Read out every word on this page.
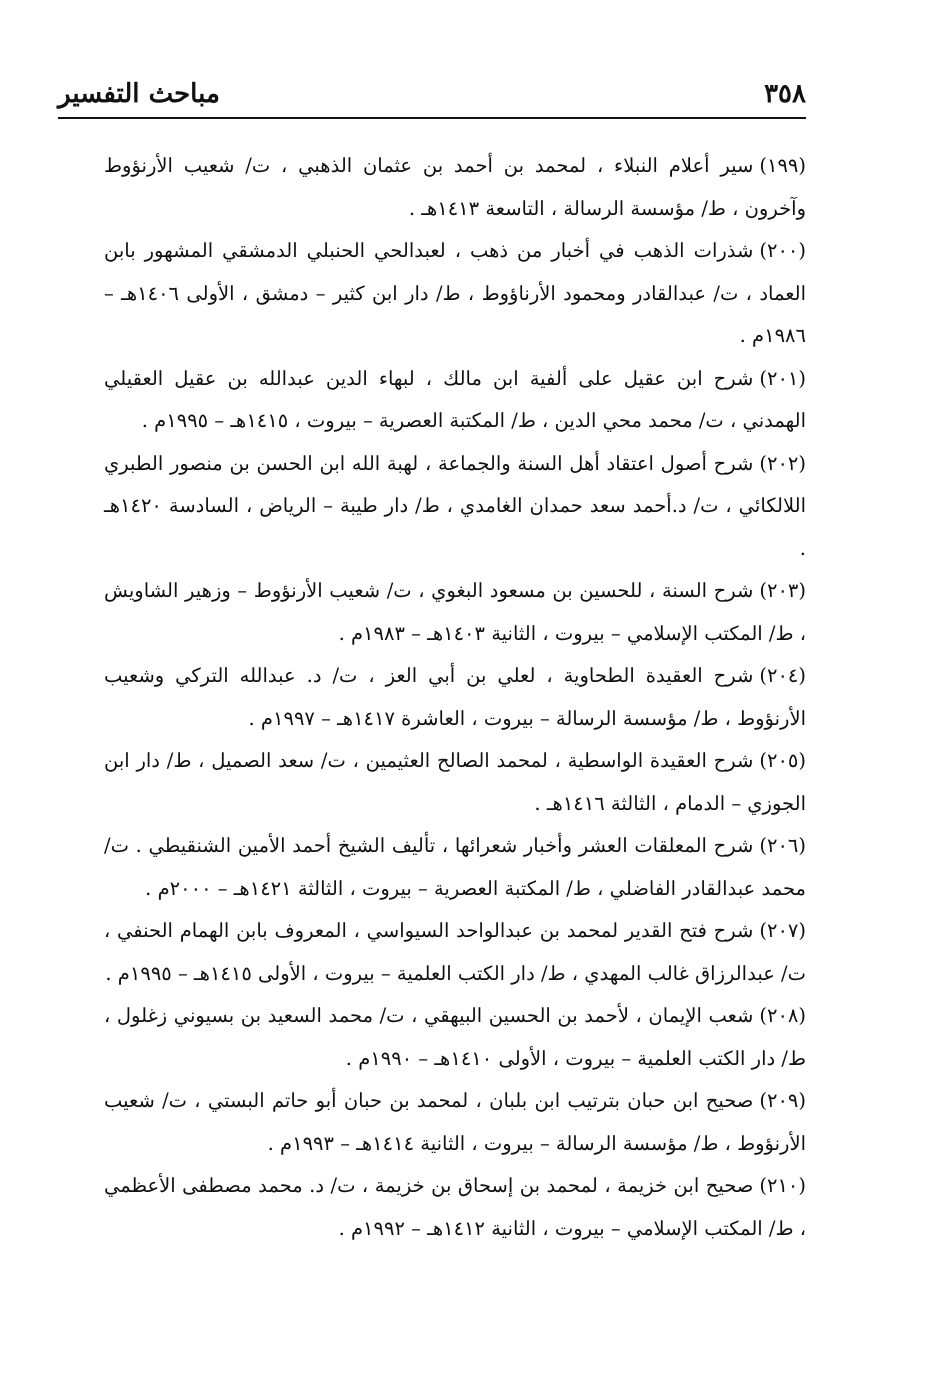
٣٥٨
مباحث التفسير

(١٩٩)سير أعلام النبلاء ، لمحمد بن أحمد بن عثمان الذهبي ، ت/ شعيب الأرنؤوط وآخرون ، ط/ مؤسسة الرسالة ، التاسعة ١٤١٣هـ .

(٢٠٠)شذرات الذهب في أخبار من ذهب ، لعبدالحي الحنبلي الدمشقي المشهور بابن العماد ، ت/ عبدالقادر ومحمود الأرناؤوط ، ط/ دار ابن كثير – دمشق ، الأولى ١٤٠٦هـ – ١٩٨٦م .

(٢٠١)شرح ابن عقيل على ألفية ابن مالك ، لبهاء الدين عبدالله بن عقيل العقيلي الهمدني ، ت/ محمد محي الدين ، ط/ المكتبة العصرية – بيروت ، ١٤١٥هـ – ١٩٩٥م .

(٢٠٢)شرح أصول اعتقاد أهل السنة والجماعة ، لهبة الله ابن الحسن بن منصور الطبري اللالكائي ، ت/ د.أحمد سعد حمدان الغامدي ، ط/ دار طيبة – الرياض ، السادسة ١٤٢٠هـ .

(٢٠٣)شرح السنة ، للحسين بن مسعود البغوي ، ت/ شعيب الأرنؤوط – وزهير الشاويش ، ط/ المكتب الإسلامي – بيروت ، الثانية ١٤٠٣هـ – ١٩٨٣م .

(٢٠٤)شرح العقيدة الطحاوية ، لعلي بن أبي العز ، ت/ د. عبدالله التركي وشعيب الأرنؤوط ، ط/ مؤسسة الرسالة – بيروت ، العاشرة ١٤١٧هـ – ١٩٩٧م .

(٢٠٥)شرح العقيدة الواسطية ، لمحمد الصالح العثيمين ، ت/ سعد الصميل ، ط/ دار ابن الجوزي – الدمام ، الثالثة ١٤١٦هـ .

(٢٠٦)شرح المعلقات العشر وأخبار شعرائها ، تأليف الشيخ أحمد الأمين الشنقيطي . ت/ محمد عبدالقادر الفاضلي ، ط/ المكتبة العصرية – بيروت ، الثالثة ١٤٢١هـ – ٢٠٠٠م .

(٢٠٧)شرح فتح القدير لمحمد بن عبدالواحد السيواسي ، المعروف بابن الهمام الحنفي ، ت/ عبدالرزاق غالب المهدي ، ط/ دار الكتب العلمية – بيروت ، الأولى ١٤١٥هـ – ١٩٩٥م .

(٢٠٨)شعب الإيمان ، لأحمد بن الحسين البيهقي ، ت/ محمد السعيد بن بسيوني زغلول ، ط/ دار الكتب العلمية – بيروت ، الأولى ١٤١٠هـ – ١٩٩٠م .

(٢٠٩)صحيح ابن حبان بترتيب ابن بلبان ، لمحمد بن حبان أبو حاتم البستي ، ت/ شعيب الأرنؤوط ، ط/ مؤسسة الرسالة – بيروت ، الثانية ١٤١٤هـ – ١٩٩٣م .

(٢١٠)صحيح ابن خزيمة ، لمحمد بن إسحاق بن خزيمة ، ت/ د. محمد مصطفى الأعظمي ، ط/ المكتب الإسلامي – بيروت ، الثانية ١٤١٢هـ – ١٩٩٢م .
